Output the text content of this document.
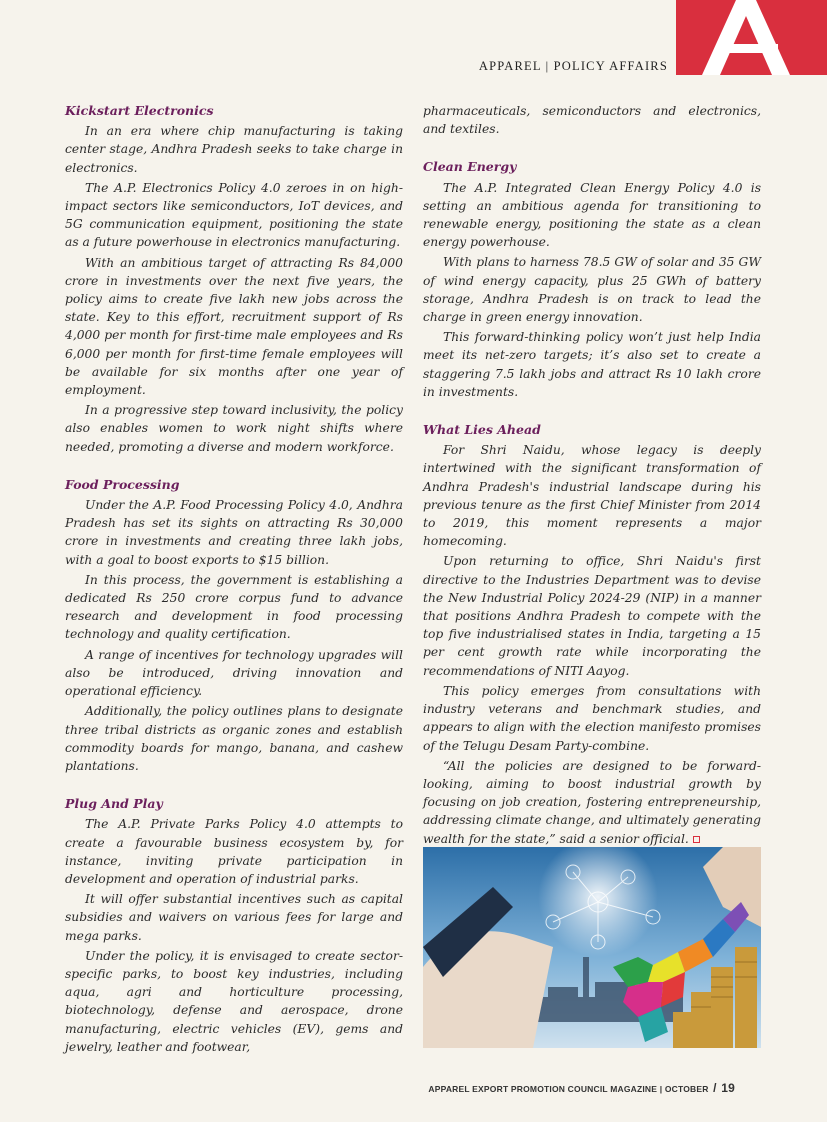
APPAREL | POLICY AFFAIRS
Kickstart Electronics

In an era where chip manufacturing is taking center stage, Andhra Pradesh seeks to take charge in electronics.

The A.P. Electronics Policy 4.0 zeroes in on high-impact sectors like semiconductors, IoT devices, and 5G communication equipment, positioning the state as a future powerhouse in electronics manufacturing.

With an ambitious target of attracting Rs 84,000 crore in investments over the next five years, the policy aims to create five lakh new jobs across the state. Key to this effort, recruitment support of Rs 4,000 per month for first-time male employees and Rs 6,000 per month for first-time female employees will be available for six months after one year of employment.

In a progressive step toward inclusivity, the policy also enables women to work night shifts where needed, promoting a diverse and modern workforce.

Food Processing

Under the A.P. Food Processing Policy 4.0, Andhra Pradesh has set its sights on attracting Rs 30,000 crore in investments and creating three lakh jobs, with a goal to boost exports to $15 billion.

In this process, the government is establishing a dedicated Rs 250 crore corpus fund to advance research and development in food processing technology and quality certification.

A range of incentives for technology upgrades will also be introduced, driving innovation and operational efficiency.

Additionally, the policy outlines plans to designate three tribal districts as organic zones and establish commodity boards for mango, banana, and cashew plantations.

Plug And Play

The A.P. Private Parks Policy 4.0 attempts to create a favourable business ecosystem by, for instance, inviting private participation in development and operation of industrial parks.

It will offer substantial incentives such as capital subsidies and waivers on various fees for large and mega parks.

Under the policy, it is envisaged to create sector-specific parks, to boost key industries, including aqua, agri and horticulture processing, biotechnology, defense and aerospace, drone manufacturing, electric vehicles (EV), gems and jewelry, leather and footwear,

pharmaceuticals, semiconductors and electronics, and textiles.

Clean Energy

The A.P. Integrated Clean Energy Policy 4.0 is setting an ambitious agenda for transitioning to renewable energy, positioning the state as a clean energy powerhouse.

With plans to harness 78.5 GW of solar and 35 GW of wind energy capacity, plus 25 GWh of battery storage, Andhra Pradesh is on track to lead the charge in green energy innovation.

This forward-thinking policy won’t just help India meet its net-zero targets; it’s also set to create a staggering 7.5 lakh jobs and attract Rs 10 lakh crore in investments.

What Lies Ahead

For Shri Naidu, whose legacy is deeply intertwined with the significant transformation of Andhra Pradesh's industrial landscape during his previous tenure as the first Chief Minister from 2014 to 2019, this moment represents a major homecoming.

Upon returning to office, Shri Naidu's first directive to the Industries Department was to devise the New Industrial Policy 2024-29 (NIP) in a manner that positions Andhra Pradesh to compete with the top five industrialised states in India, targeting a 15 per cent growth rate while incorporating the recommendations of NITI Aayog.

This policy emerges from consultations with industry veterans and benchmark studies, and appears to align with the election manifesto promises of the Telugu Desam Party-combine.

“All the policies are designed to be forward-looking, aiming to boost industrial growth by focusing on job creation, fostering entrepreneurship, addressing climate change, and ultimately generating wealth for the state,” said a senior official.

APPAREL EXPORT PROMOTION COUNCIL MAGAZINE | OCTOBER / 19
